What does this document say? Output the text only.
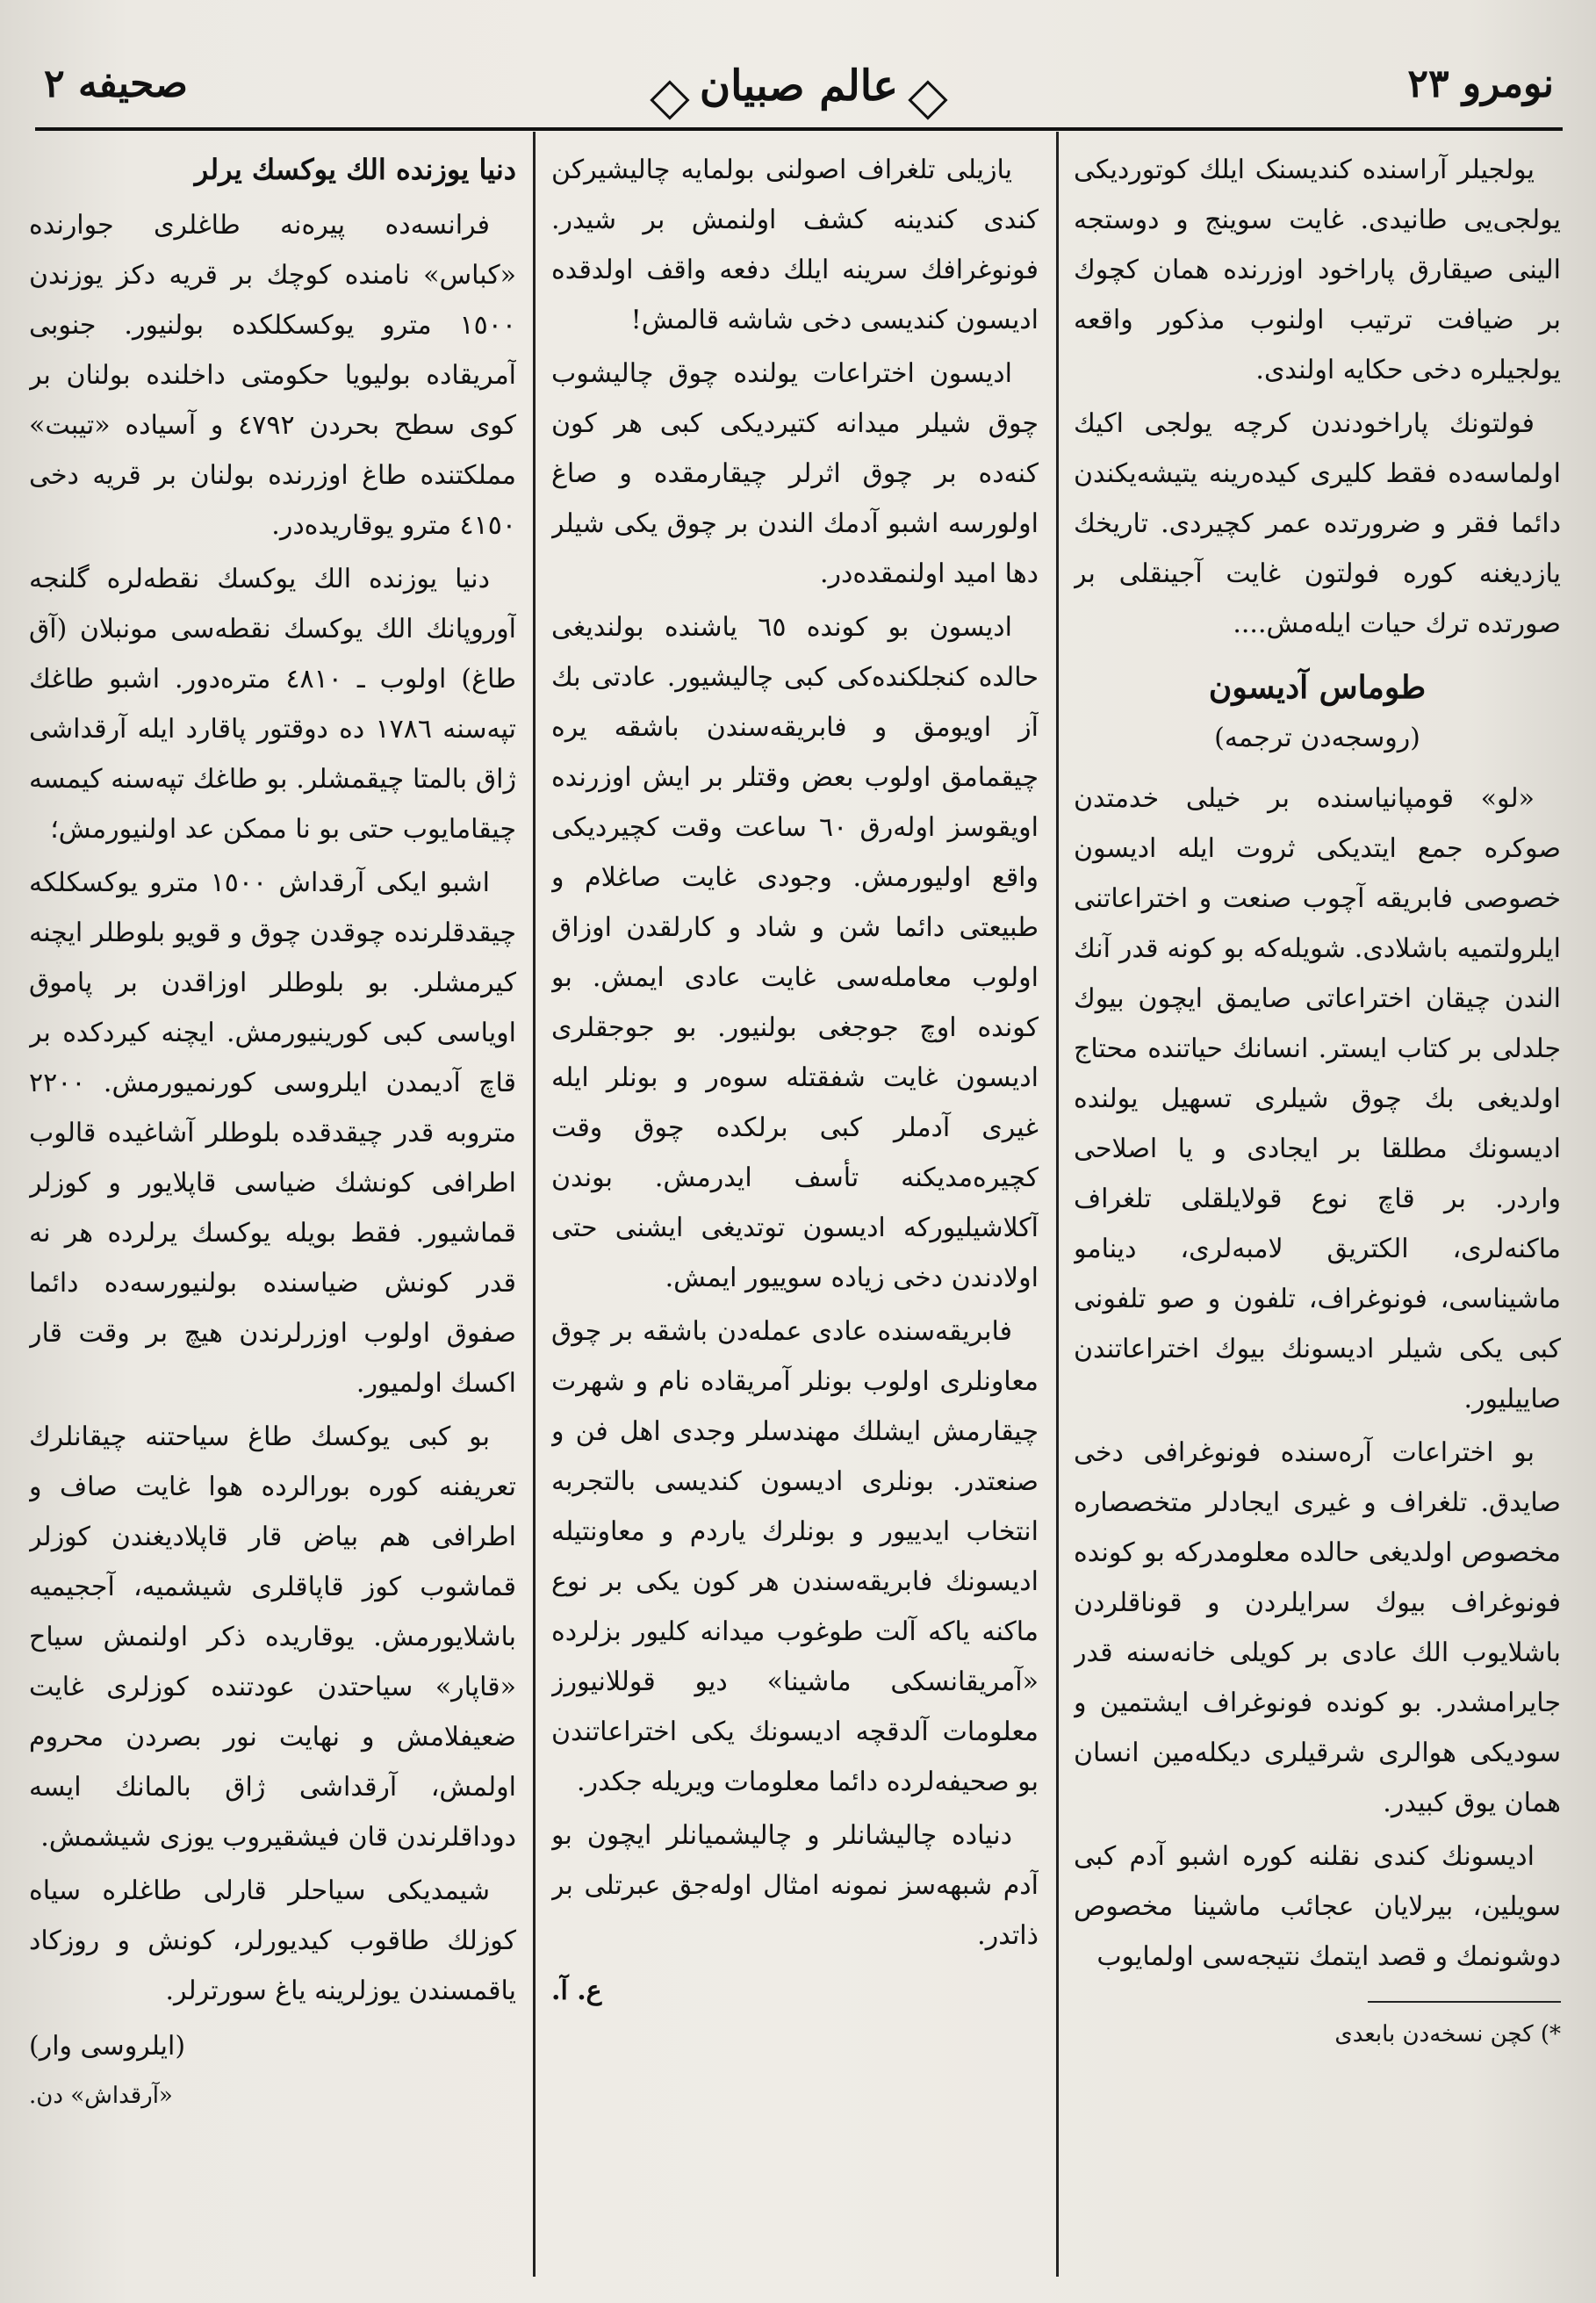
نومرو ٢٣
عالم صبیان
صحیفه ٢

یولجیلر آراسنده کندیسنک ایلك کوتوردیکی یولجی‌یی طانیدی. غایت سوینج و دوستجه الینی صیقارق پاراخود اوزرنده همان کچوك بر ضیافت ترتیب اولنوب مذکور واقعه یولجیلره دخی حکایه اولندی.

فولتونك پاراخودندن کرچه یولجی اکیك اولماسه‌ده فقط کلیری کیده‌رینه یتیشه‌یکندن دائما فقر و ضرورتده عمر کچیردی. تاریخك یازدیغنه کوره فولتون غایت آجینقلی بر صورتده ترك حیات ایله‌مش....

طوماس آدیسون
(روسجه‌دن ترجمه)

«لو» قومپانیاسنده بر خیلی خدمتدن صوکره جمع ایتدیکی ثروت ایله ادیسون خصوصی فابریقه آچوب صنعت و اختراعاتنی ایلرولتمیه باشلادی. شویله‌که بو کونه قدر آنك الندن چیقان اختراعاتی صایمق ایچون بیوك جلدلی بر کتاب ایستر. انسانك حیاتنده محتاج اولدیغی بك چوق شیلری تسهیل یولنده ادیسونك مطلقا بر ایجادی و یا اصلاحی واردر. بر قاچ نوع قولایلقلی تلغراف ماکنه‌لری، الکتریق لامبه‌لری، دینامو ماشیناسی، فونوغراف، تلفون و صو تلفونی کبی یکی شیلر ادیسونك بیوك اختراعاتندن صاییلیور.

بو اختراعات آره‌سنده فونوغرافی دخی صایدق. تلغراف و غیری ایجادلر متخصصاره مخصوص اولدیغی حالده معلومدرکه بو کونده فونوغراف بیوك سرایلردن و قوناقلردن باشلایوب الك عادی بر کویلی خانه‌سنه قدر جایرامشدر. بو کونده فونوغراف ایشتمین و سودیکی هوالری شرقیلری دیکله‌مین انسان همان یوق کبیدر.

ادیسونك کندی نقلنه کوره اشبو آدم کبی سویلین، بیرلایان عجائب ماشینا مخصوص دوشونمك و قصد ایتمك نتیجه‌سی اولمایوب

*) کچن نسخه‌دن بابعدی

یازیلی تلغراف اصولنی بولمایه چالیشیرکن کندی کندینه کشف اولنمش بر شیدر. فونوغرافك سرینه ایلك دفعه واقف اولدقده ادیسون کندیسی دخی شاشه قالمش!

ادیسون اختراعات یولنده چوق چالیشوب چوق شیلر میدانه کتیردیکی کبی هر کون کنه‌ده بر چوق اثرلر چیقارمقده و صاغ اولورسه اشبو آدمك الندن بر چوق یکی شیلر دها امید اولنمقده‌در.

ادیسون بو کونده ٦٥ یاشنده بولندیغی حالده کنجلکنده‌کی کبی چالیشیور. عادتی بك آز اویومق و فابریقه‌سندن باشقه یره چیقمامق اولوب بعض وقتلر بر ایش اوزرنده اویقوسز اوله‌رق ٦٠ ساعت وقت کچیردیکی واقع اولیورمش. وجودی غایت صاغلام و طبیعتی دائما شن و شاد و کارلقدن اوزاق اولوب معامله‌سی غایت عادی ایمش. بو کونده اوچ جوجغی بولنیور. بو جوجقلری ادیسون غایت شفقتله سوەر و بونلر ایله غیری آدملر کبی برلکده چوق وقت کچیره‌مدیکنه تأسف ایدرمش. بوندن آکلاشیلیورکه ادیسون توتدیغی ایشنی حتی اولادندن دخی زیاده سوییور ایمش.

فابریقه‌سنده عادی عمله‌دن باشقه بر چوق معاونلری اولوب بونلر آمریقاده نام و شهرت چیقارمش ایشلك مهندسلر وجدی اهل فن و صنعتدر. بونلری ادیسون کندیسی بالتجربه انتخاب ایدییور و بونلرك یاردم و معاونتیله ادیسونك فابریقه‌سندن هر کون یکی بر نوع ماکنه یاکه آلت طوغوب میدانه کلیور بزلرده «آمریقانسکی ماشینا» دیو قوللانیورز معلومات آلدقچه ادیسونك یکی اختراعاتندن بو صحیفه‌لرده دائما معلومات ویریله جکدر.

دنیاده چالیشانلر و چالیشمیانلر ایچون بو آدم شبهه‌سز نمونه امثال اولەجق عبرتلی بر ذاتدر.

ع. آ.
دنیا یوزنده الك یوکسك یرلر

فرانسه‌ده پیرەنه طاغلری جوارنده «کباس» نامنده کوچك بر قریه دکز یوزندن ١٥٠٠ مترو یوکسکلکده بولنیور. جنوبی آمریقاده بولیویا حکومتی داخلنده بولنان بر کوی سطح بحردن ٤٧٩٢ و آسیاده «تیبت» مملکتنده طاغ اوزرنده بولنان بر قریه دخی ٤١٥٠ مترو یوقاریده‌در.

دنیا یوزنده الك یوکسك نقطه‌لره گلنجه آوروپانك الك یوکسك نقطه‌سی مونبلان (آق طاغ) اولوب ـ ٤٨١٠ متره‌دور. اشبو طاغك تپه‌سنه ١٧٨٦ ده دوقتور پاقارد ایله آرقداشی ژاق بالمتا چیقمشلر. بو طاغك تپه‌سنه کیمسه چیقامایوب حتی بو نا ممکن عد اولنیورمش؛

اشبو ایکی آرقداش ١٥٠٠ مترو یوکسکلکه چیقدقلرنده چوقدن چوق و قویو بلوطلر ایچنه کیرمشلر. بو بلوطلر اوزاقدن بر پاموق اویاسی کبی کورینیورمش. ایچنه کیردکده بر قاچ آدیمدن ایلروسی کورنمیورمش. ٢٢٠٠ متروبه قدر چیقدقده بلوطلر آشاغیده قالوب اطرافی کونشك ضیاسی قاپلایور و کوزلر قماشیور. فقط بویله یوکسك یرلرده هر نه قدر کونش ضیاسنده بولنیورسه‌ده دائما صفوق اولوب اوزرلرندن هیچ بر وقت قار اکسك اولمیور.

بو کبی یوکسك طاغ سیاحتنه چیقانلرك تعریفنه کوره بورالرده هوا غایت صاف و اطرافی هم بیاض قار قاپلادیغندن کوزلر قماشوب کوز قاپاقلری شیشمیه، آججیمیه باشلایورمش. یوقاریده ذکر اولنمش سیاح «قاپار» سیاحتدن عودتنده کوزلری غایت ضعیفلامش و نهایت نور بصردن محروم اولمش، آرقداشی ژاق بالمانك ایسه دوداقلرندن قان فیشقیروب یوزی شیشمش.

شیمدیکی سیاحلر قارلی طاغلره سیاه کوزلك طاقوب کیدیورلر، کونش و روزکاد یاقمسندن یوزلرینه یاغ سورترلر.

(ایلروسی وار)
«آرقداش» دن.
